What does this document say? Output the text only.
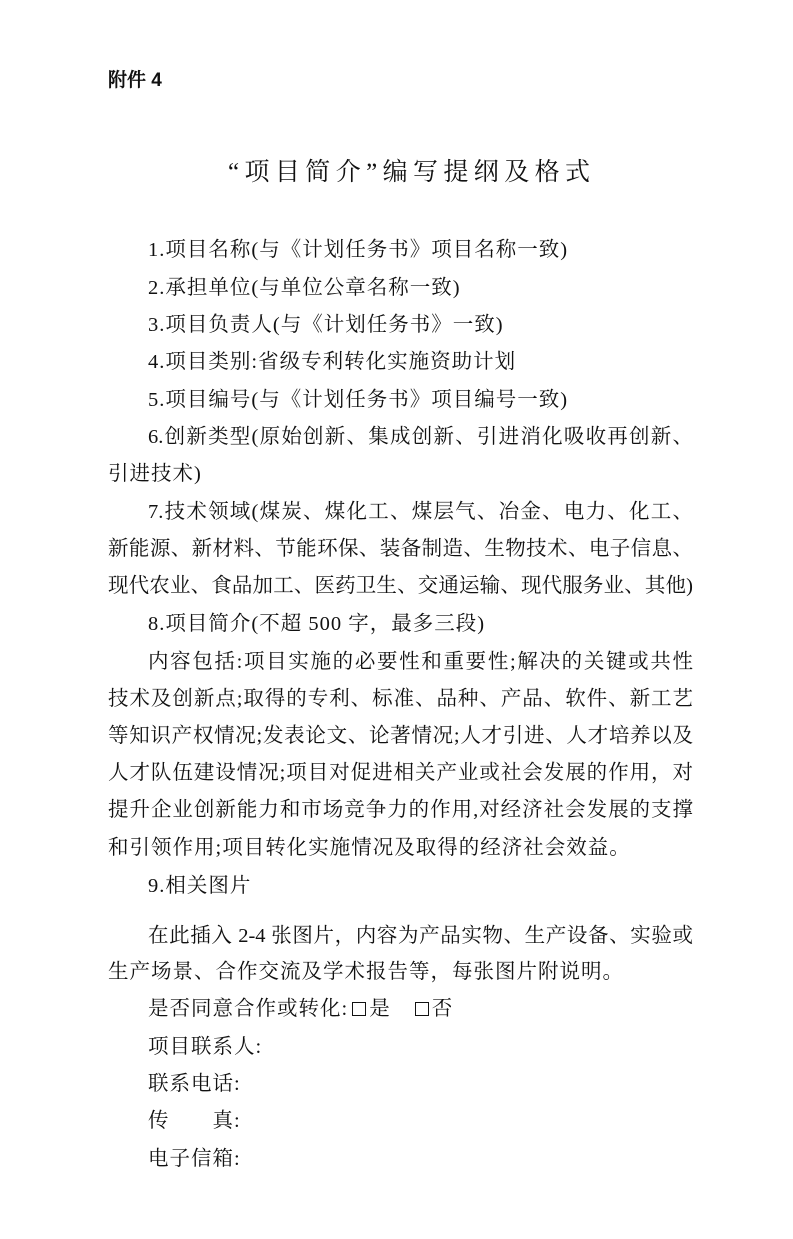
附件 4
“项目简介”编写提纲及格式
1.项目名称(与《计划任务书》项目名称一致)
2.承担单位(与单位公章名称一致)
3.项目负责人(与《计划任务书》一致)
4.项目类别:省级专利转化实施资助计划
5.项目编号(与《计划任务书》项目编号一致)
6.创新类型(原始创新、集成创新、引进消化吸收再创新、
引进技术)
7.技术领域(煤炭、煤化工、煤层气、冶金、电力、化工、
新能源、新材料、节能环保、装备制造、生物技术、电子信息、
现代农业、食品加工、医药卫生、交通运输、现代服务业、其他)
8.项目简介(不超 500 字，最多三段)
内容包括:项目实施的必要性和重要性;解决的关键或共性
技术及创新点;取得的专利、标准、品种、产品、软件、新工艺
等知识产权情况;发表论文、论著情况;人才引进、人才培养以及
人才队伍建设情况;项目对促进相关产业或社会发展的作用，对
提升企业创新能力和市场竞争力的作用,对经济社会发展的支撑
和引领作用;项目转化实施情况及取得的经济社会效益。
9.相关图片
在此插入 2-4 张图片，内容为产品实物、生产设备、实验或
生产场景、合作交流及学术报告等，每张图片附说明。
是否同意合作或转化: 是 否
项目联系人:
联系电话:
传　　真:
电子信箱:
